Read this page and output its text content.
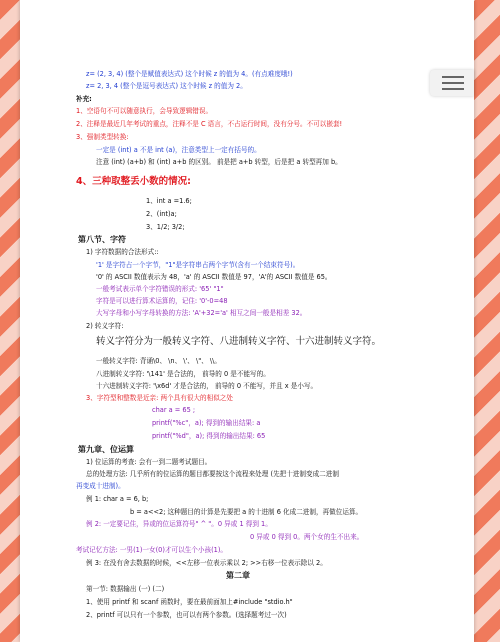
z= (2, 3, 4) (整个是赋值表达式) 这个时候 z 的值为 4。(有点难度哦!)
z= 2, 3, 4 (整个是逗号表达式) 这个时候 z 的值为 2。
补充:
1、空语句不可以随意执行，会导致逻辑错误。
2、注释是最近几年考试的重点，注释不是 C 语言，不占运行时间，没有分号。不可以嵌套!
3、强制类型转换:
一定是 (int) a 不是 int (a)，注意类型上一定有括号的。
注意 (int) (a+b) 和 (int) a+b 的区别。 前是把 a+b 转型，后是把 a 转型再加 b。
4、三种取整丢小数的情况:
1、int a =1.6;
2、(int)a;
3、1/2; 3/2;
第八节、字符
1) 字符数据的合法形式::
'1' 是字符占一个字节，"1"是字符串占两个字节(含有一个结束符号)。
'0' 的 ASCII 数值表示为 48，'a' 的 ASCII 数值是 97，'A'的 ASCII 数值是 65。
一般考试表示单个字符错误的形式: '65' "1"
字符是可以进行算术运算的，记住: '0'-0=48
大写字母和小写字母转换的方法: 'A'+32='a' 相互之间一般是相差 32。
2) 转义字符:
转义字符分为一般转义字符、八进制转义字符、十六进制转义字符。
一般转义字符: 背诵\0、 \n、 \'、 \"、 \\。
八进制转义字符: '\141' 是合法的， 前导的 0 是不能写的。
十六进制转义字符: '\x6d' 才是合法的， 前导的 0 不能写，并且 x 是小写。
3、字符型和整数是近亲: 两个具有很大的相似之处
char a = 65 ;
printf("%c"，a); 得到的输出结果: a
printf("%d"，a); 得到的输出结果: 65
第九章、位运算
1) 位运算的考查: 会有一到二题考试题目。
总的处理方法: 几乎所有的位运算的题目都要按这个流程来处理 (先把十进制变成二进制
再变成十进制)。
例 1: char a = 6, b;
b = a<<2; 这种题目的计算是先要把 a 的十进制 6 化成二进制，再做位运算。
例 2: 一定要记住，异或的位运算符号" ^ "。0 异或 1 得到 1。
0 异或 0 得到 0。两个女的生不出来。
考试记忆方法: 一男(1)一女(0)才可以生个小孩(1)。
例 3: 在没有舍去数据的时候，<<左移一位表示乘以 2; >>右移一位表示除以 2。
第二章
第一节: 数据输出 (一) (二)
1、使用 printf 和 scanf 函数时，要在最前面加上#include "stdio.h"
2、printf 可以只有一个参数，也可以有两个参数。(选择题考过一次)
